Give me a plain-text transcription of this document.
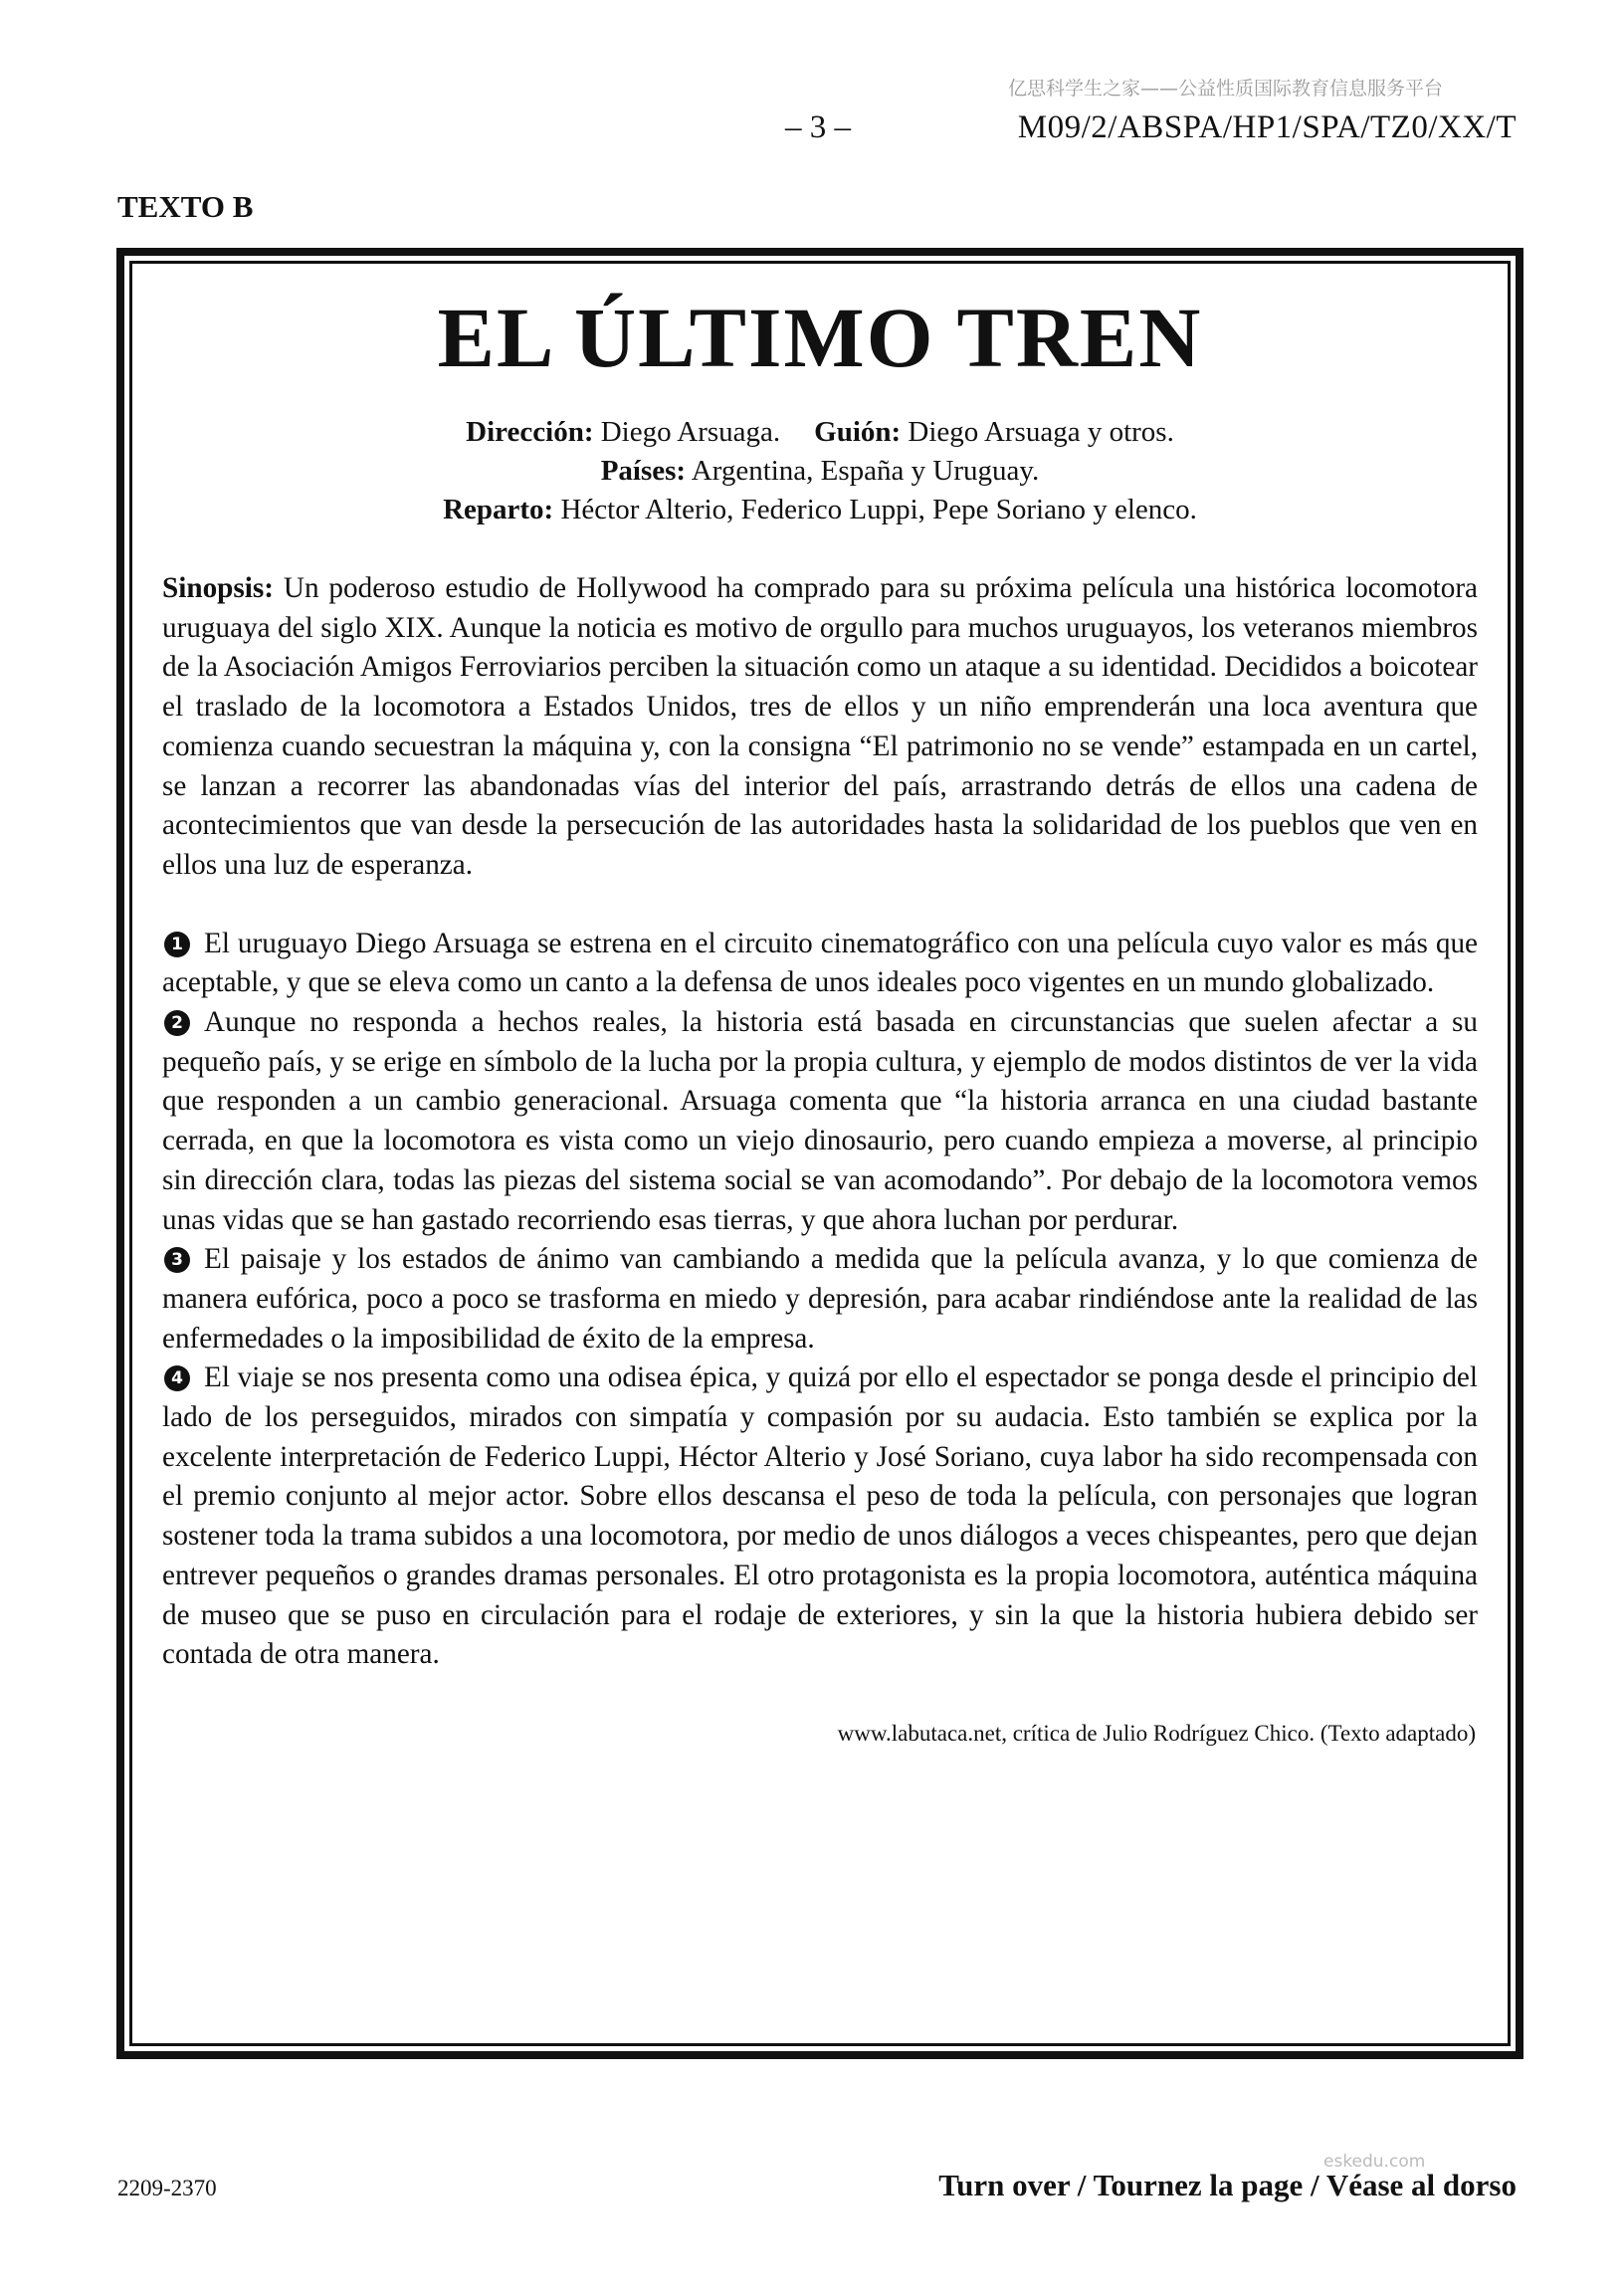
亿思科学生之家——公益性质国际教育信息服务平台
– 3 –	M09/2/ABSPA/HP1/SPA/TZ0/XX/T
TEXTO B
EL ÚLTIMO TREN
Dirección: Diego Arsuaga. Guión: Diego Arsuaga y otros.
Países: Argentina, España y Uruguay.
Reparto: Héctor Alterio, Federico Luppi, Pepe Soriano y elenco.

Sinopsis: Un poderoso estudio de Hollywood ha comprado para su próxima película una histórica locomotora uruguaya del siglo XIX. Aunque la noticia es motivo de orgullo para muchos uruguayos, los veteranos miembros de la Asociación Amigos Ferroviarios perciben la situación como un ataque a su identidad. Decididos a boicotear el traslado de la locomotora a Estados Unidos, tres de ellos y un niño emprenderán una loca aventura que comienza cuando secuestran la máquina y, con la consigna “El patrimonio no se vende” estampada en un cartel, se lanzan a recorrer las abandonadas vías del interior del país, arrastrando detrás de ellos una cadena de acontecimientos que van desde la persecución de las autoridades hasta la solidaridad de los pueblos que ven en ellos una luz de esperanza.

1 El uruguayo Diego Arsuaga se estrena en el circuito cinematográfico con una película cuyo valor es más que aceptable, y que se eleva como un canto a la defensa de unos ideales poco vigentes en un mundo globalizado.

2 Aunque no responda a hechos reales, la historia está basada en circunstancias que suelen afectar a su pequeño país, y se erige en símbolo de la lucha por la propia cultura, y ejemplo de modos distintos de ver la vida que responden a un cambio generacional. Arsuaga comenta que “la historia arranca en una ciudad bastante cerrada, en que la locomotora es vista como un viejo dinosaurio, pero cuando empieza a moverse, al principio sin dirección clara, todas las piezas del sistema social se van acomodando”. Por debajo de la locomotora vemos unas vidas que se han gastado recorriendo esas tierras, y que ahora luchan por perdurar.

3 El paisaje y los estados de ánimo van cambiando a medida que la película avanza, y lo que comienza de manera eufórica, poco a poco se trasforma en miedo y depresión, para acabar rindiéndose ante la realidad de las enfermedades o la imposibilidad de éxito de la empresa.

4 El viaje se nos presenta como una odisea épica, y quizá por ello el espectador se ponga desde el principio del lado de los perseguidos, mirados con simpatía y compasión por su audacia. Esto también se explica por la excelente interpretación de Federico Luppi, Héctor Alterio y José Soriano, cuya labor ha sido recompensada con el premio conjunto al mejor actor. Sobre ellos descansa el peso de toda la película, con personajes que logran sostener toda la trama subidos a una locomotora, por medio de unos diálogos a veces chispeantes, pero que dejan entrever pequeños o grandes dramas personales. El otro protagonista es la propia locomotora, auténtica máquina de museo que se puso en circulación para el rodaje de exteriores, y sin la que la historia hubiera debido ser contada de otra manera.

www.labutaca.net, crítica de Julio Rodríguez Chico. (Texto adaptado)
2209-2370
eskedu.com
Turn over / Tournez la page / Véase al dorso
